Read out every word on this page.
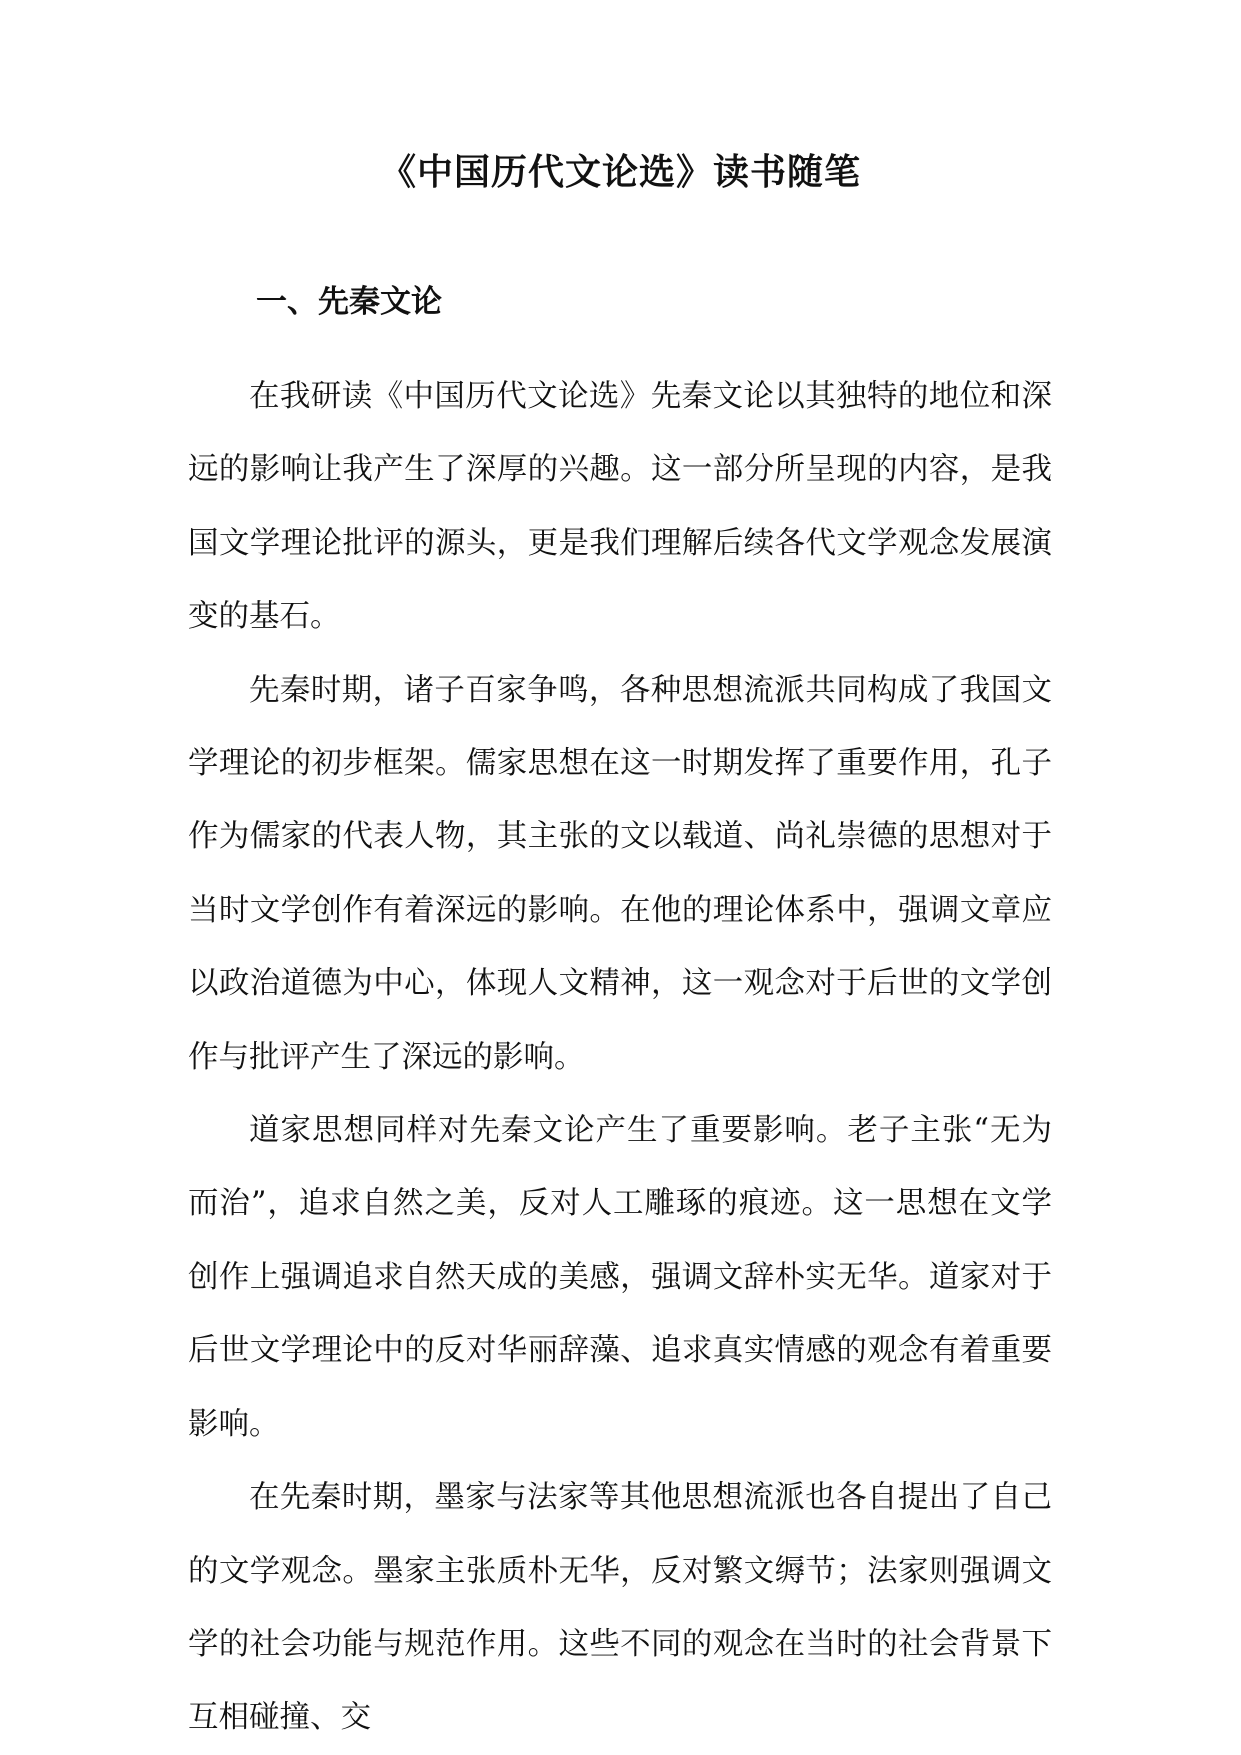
《中国历代文论选》读书随笔
一、先秦文论

在我研读《中国历代文论选》先秦文论以其独特的地位和深远的影响让我产生了深厚的兴趣。这一部分所呈现的内容，是我国文学理论批评的源头，更是我们理解后续各代文学观念发展演变的基石。

先秦时期，诸子百家争鸣，各种思想流派共同构成了我国文学理论的初步框架。儒家思想在这一时期发挥了重要作用，孔子作为儒家的代表人物，其主张的文以载道、尚礼崇德的思想对于当时文学创作有着深远的影响。在他的理论体系中，强调文章应以政治道德为中心，体现人文精神，这一观念对于后世的文学创作与批评产生了深远的影响。

道家思想同样对先秦文论产生了重要影响。老子主张“无为而治”，追求自然之美，反对人工雕琢的痕迹。这一思想在文学创作上强调追求自然天成的美感，强调文辞朴实无华。道家对于后世文学理论中的反对华丽辞藻、追求真实情感的观念有着重要影响。

在先秦时期，墨家与法家等其他思想流派也各自提出了自己的文学观念。墨家主张质朴无华，反对繁文缛节；法家则强调文学的社会功能与规范作用。这些不同的观念在当时的社会背景下互相碰撞、交
